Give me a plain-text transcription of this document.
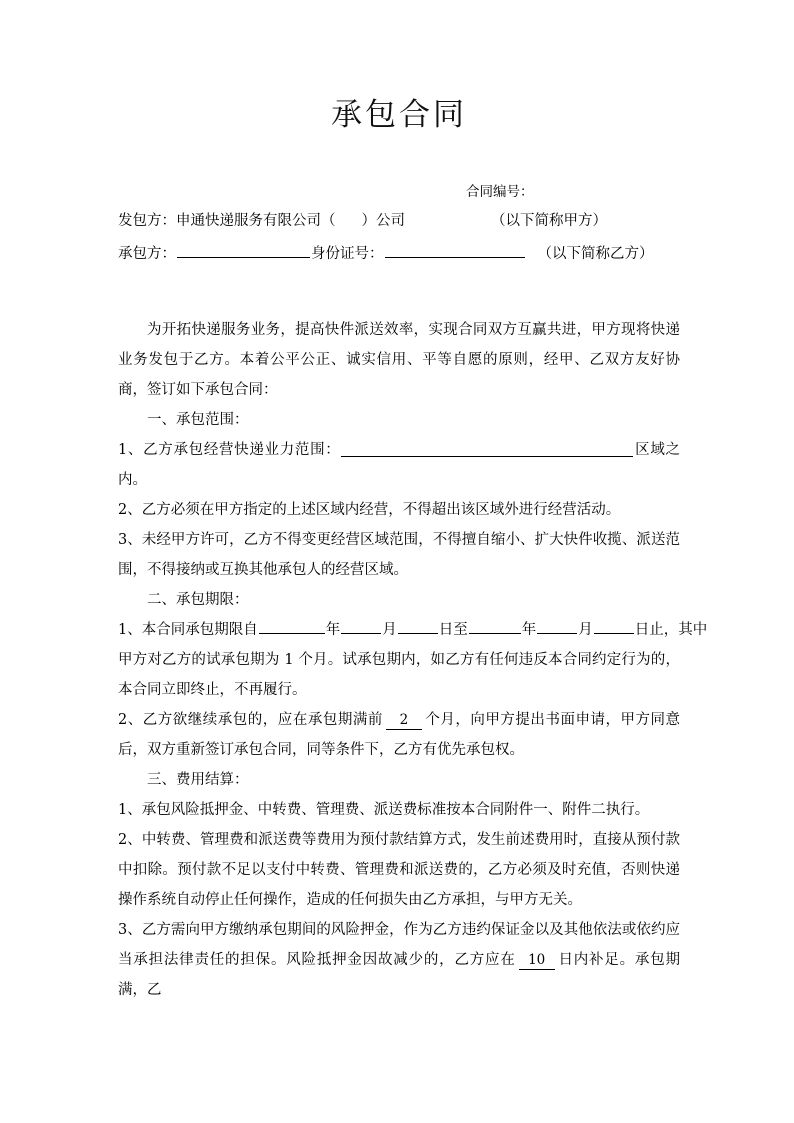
承包合同
合同编号：
发包方：申通快递服务有限公司（ ）公司	（以下简称甲方）
承包方：	身份证号：	（以下简称乙方）

为开拓快递服务业务，提高快件派送效率，实现合同双方互赢共进，甲方现将快递业务发包于乙方。本着公平公正、诚实信用、平等自愿的原则，经甲、乙双方友好协商，签订如下承包合同：

一、承包范围：

1、乙方承包经营快递业力范围：	区域之内。

2、乙方必须在甲方指定的上述区域内经营，不得超出该区域外进行经营活动。

3、未经甲方许可，乙方不得变更经营区域范围，不得擅自缩小、扩大快件收揽、派送范围，不得接纳或互换其他承包人的经营区域。

二、承包期限：

1、本合同承包期限自	年	月	日至	年	月	日止，其中甲方对乙方的试承包期为 1 个月。试承包期内，如乙方有任何违反本合同约定行为的，本合同立即终止，不再履行。

2、乙方欲继续承包的，应在承包期满前 2 个月，向甲方提出书面申请，甲方同意后，双方重新签订承包合同，同等条件下，乙方有优先承包权。

三、费用结算：

1、承包风险抵押金、中转费、管理费、派送费标准按本合同附件一、附件二执行。

2、中转费、管理费和派送费等费用为预付款结算方式，发生前述费用时，直接从预付款中扣除。预付款不足以支付中转费、管理费和派送费的，乙方必须及时充值，否则快递操作系统自动停止任何操作，造成的任何损失由乙方承担，与甲方无关。

3、乙方需向甲方缴纳承包期间的风险押金，作为乙方违约保证金以及其他依法或依约应当承担法律责任的担保。风险抵押金因故减少的，乙方应在 10 日内补足。承包期满，乙
